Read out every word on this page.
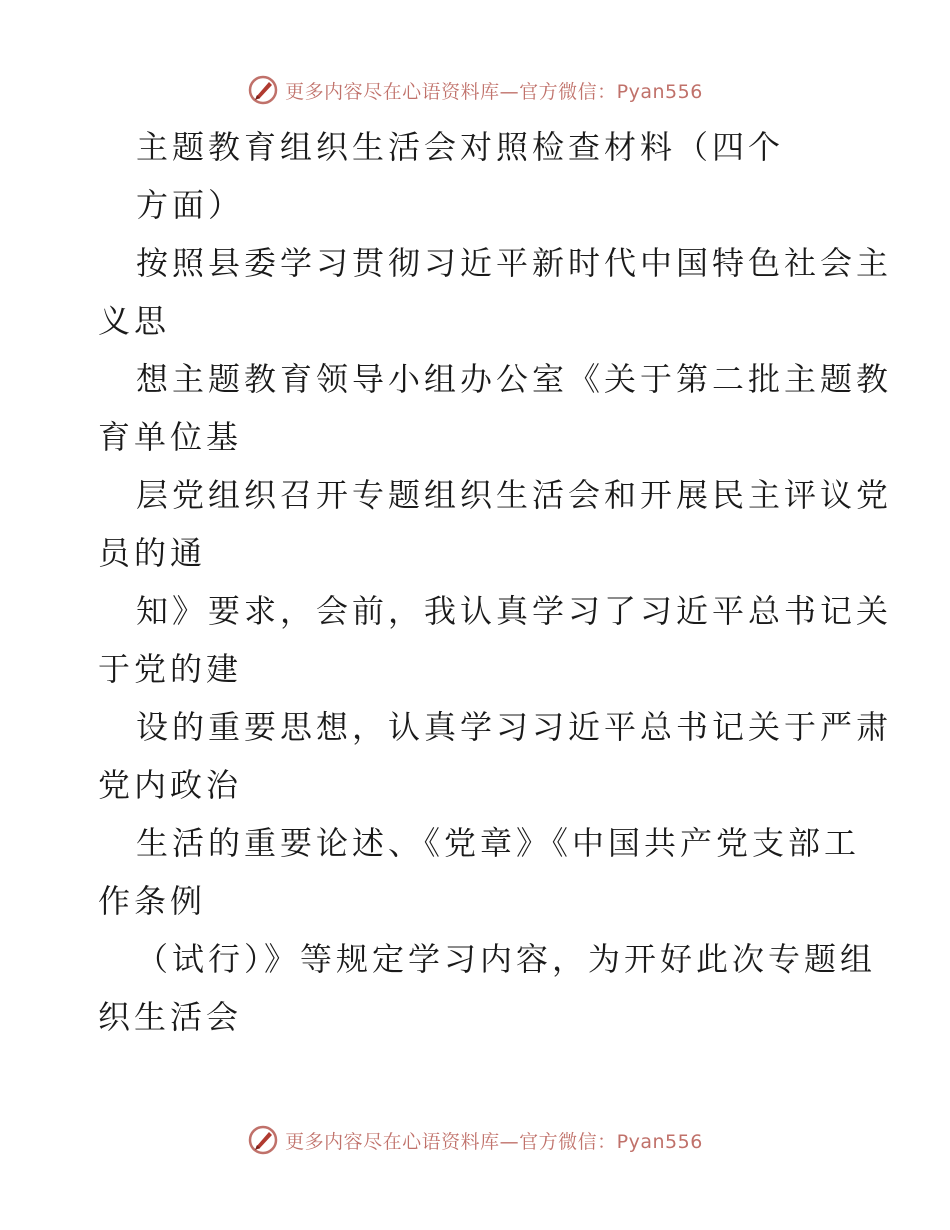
更多内容尽在心语资料库—官方微信：Pyan556
主题教育组织生活会对照检查材料（四个
方面）
按照县委学习贯彻习近平新时代中国特色社会主
义思
想主题教育领导小组办公室《关于第二批主题教
育单位基
层党组织召开专题组织生活会和开展民主评议党
员的通
知》要求，会前，我认真学习了习近平总书记关
于党的建
设的重要思想，认真学习习近平总书记关于严肃
党内政治
生活的重要论述、《党章》《中国共产党支部工
作条例
（试行）》等规定学习内容，为开好此次专题组
织生活会
更多内容尽在心语资料库—官方微信：Pyan556
